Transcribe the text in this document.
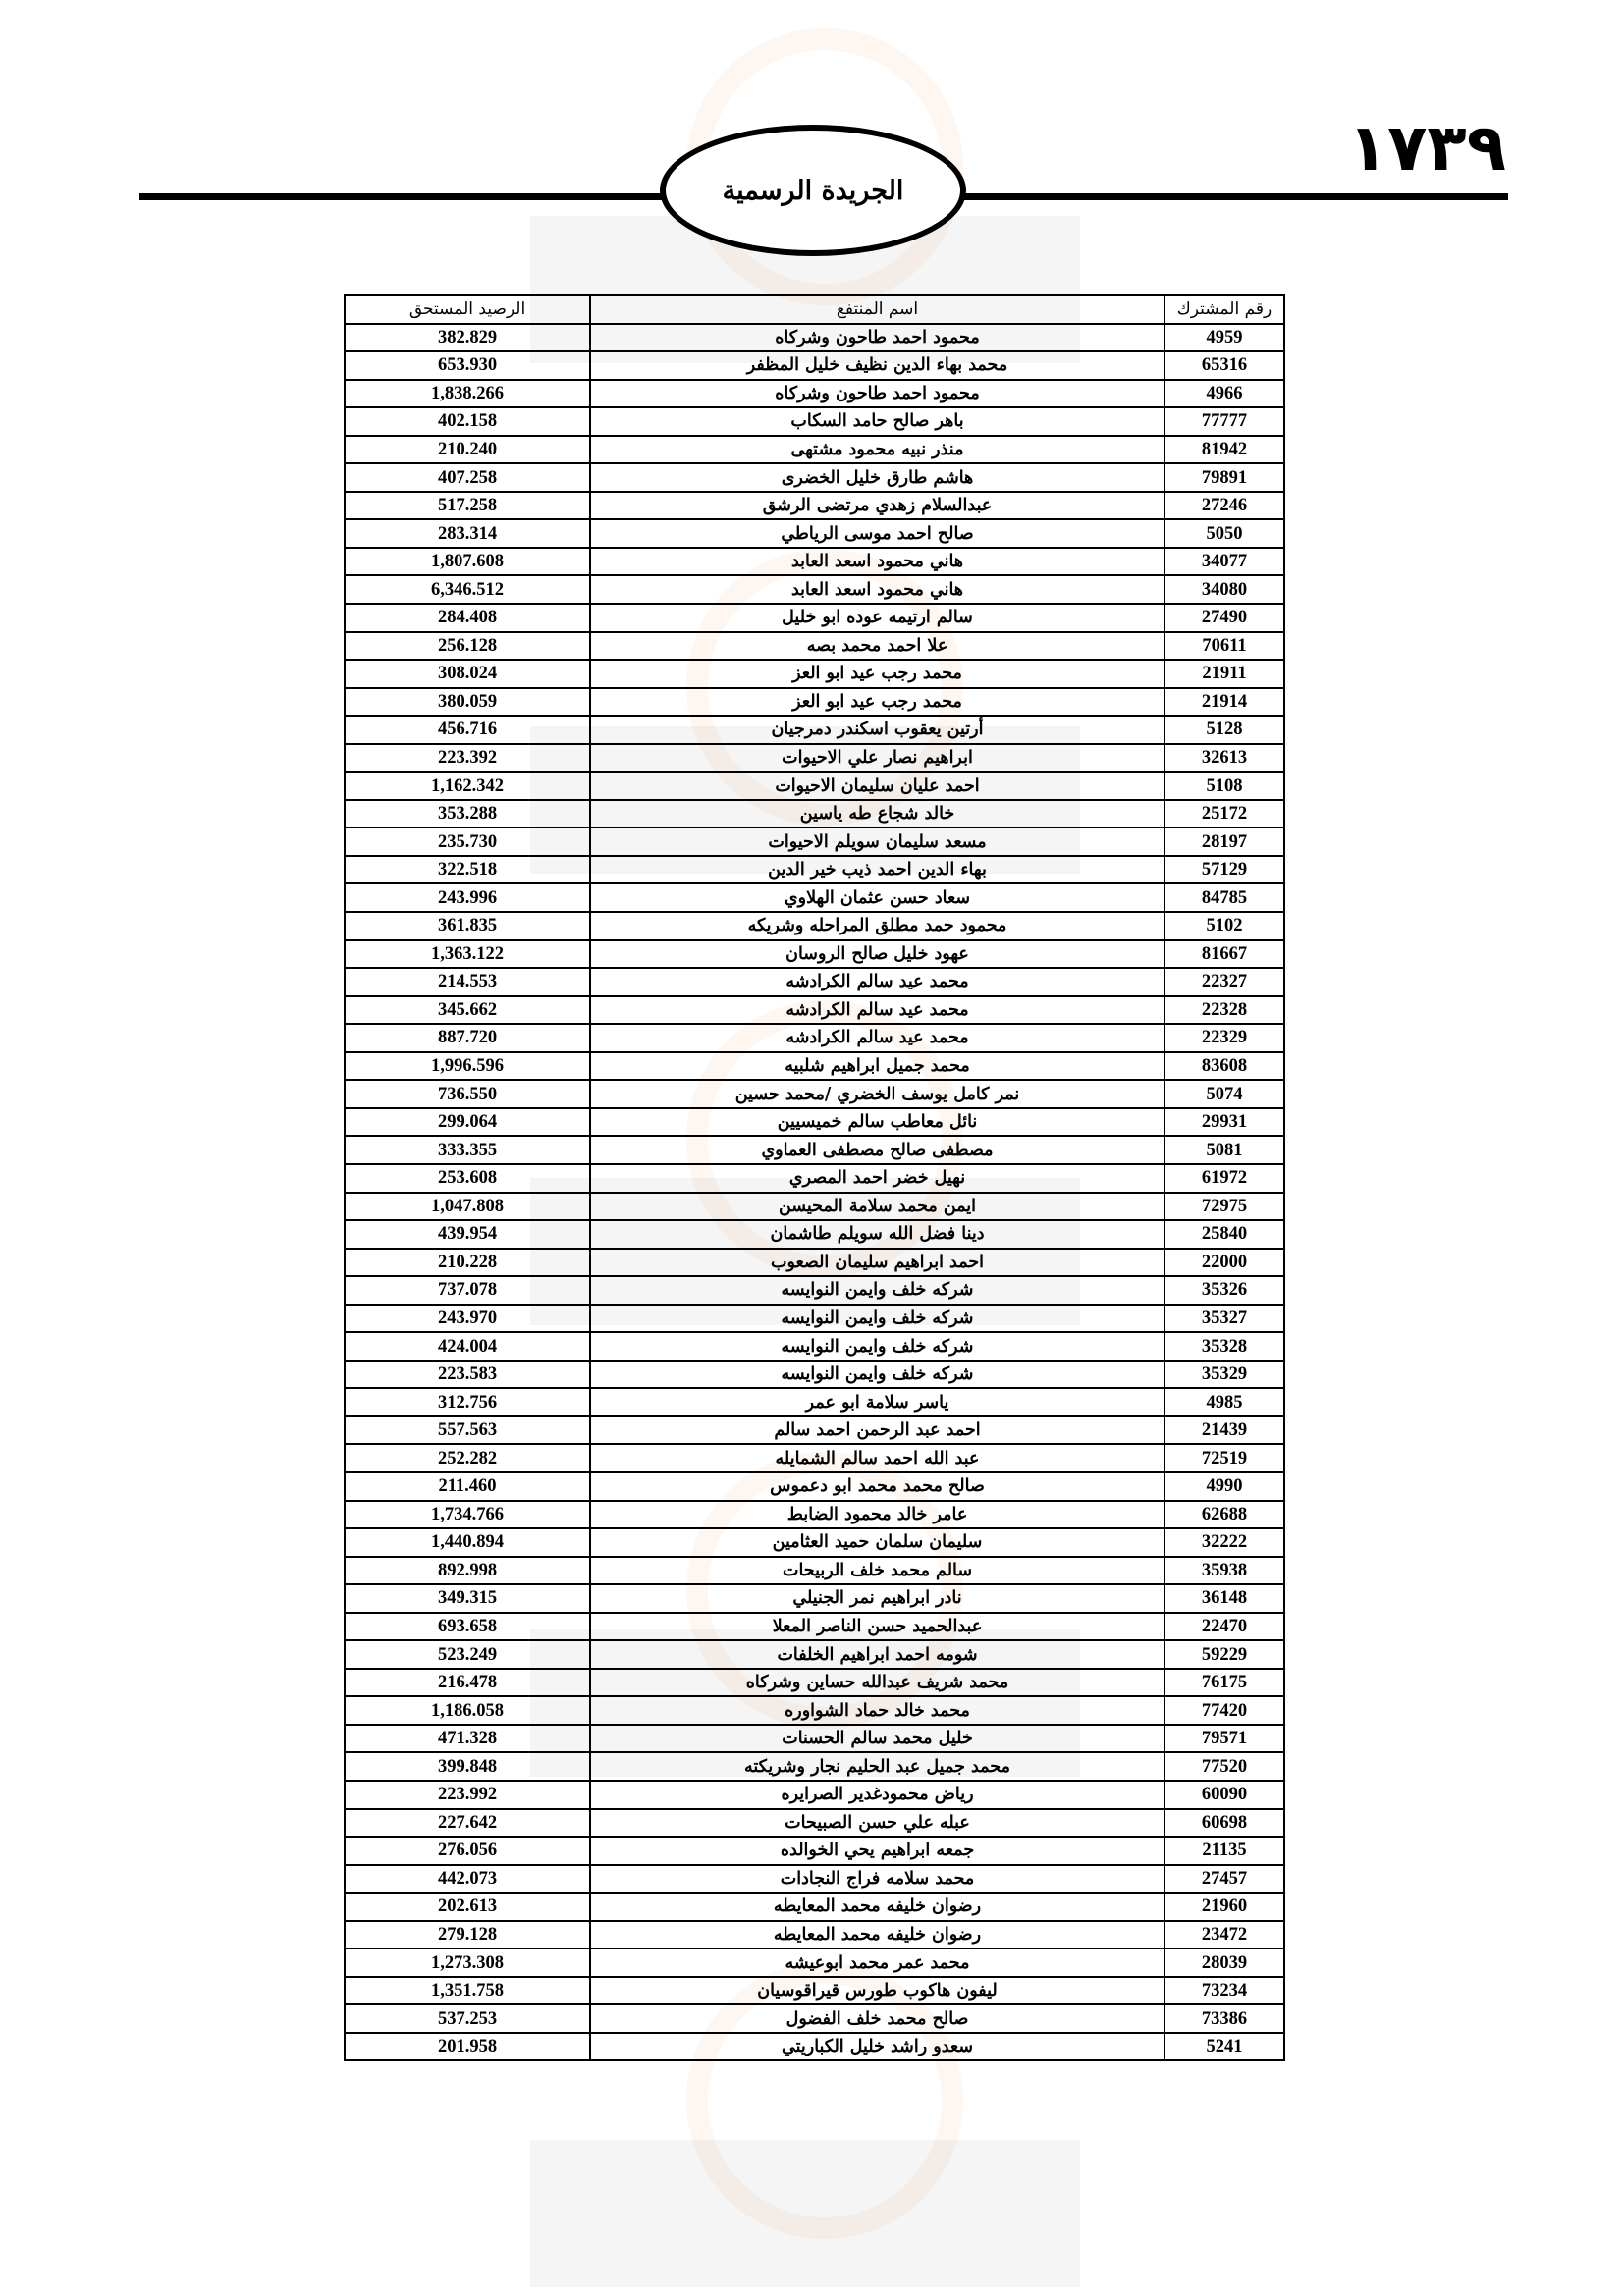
الجريدة الرسمية
١٧٣٩
رقم المشترك	اسم المنتفع	الرصيد المستحق
4959	محمود احمد طاحون وشركاه	382.829
65316	محمد بهاء الدين نظيف خليل المظفر	653.930
4966	محمود احمد طاحون وشركاه	1,838.266
77777	باهر صالح حامد السكاب	402.158
81942	منذر نبيه محمود مشتهى	210.240
79891	هاشم طارق خليل الخضرى	407.258
27246	عبدالسلام زهدي مرتضى الرشق	517.258
5050	صالح احمد موسى الرياطي	283.314
34077	هاني محمود اسعد العابد	1,807.608
34080	هاني محمود اسعد العابد	6,346.512
27490	سالم ارتيمه عوده ابو خليل	284.408
70611	علا احمد محمد بصه	256.128
21911	محمد رجب عيد ابو العز	308.024
21914	محمد رجب عيد ابو العز	380.059
5128	أرتين يعقوب اسكندر دمرجيان	456.716
32613	ابراهيم نصار علي الاحيوات	223.392
5108	احمد عليان سليمان الاحيوات	1,162.342
25172	خالد شجاع طه ياسين	353.288
28197	مسعد سليمان سويلم الاحيوات	235.730
57129	بهاء الدين احمد ذيب خير الدين	322.518
84785	سعاد حسن عثمان الهلاوي	243.996
5102	محمود حمد مطلق المراحله وشريكه	361.835
81667	عهود خليل صالح الروسان	1,363.122
22327	محمد عيد سالم الكرادشه	214.553
22328	محمد عيد سالم الكرادشه	345.662
22329	محمد عيد سالم الكرادشه	887.720
83608	محمد جميل ابراهيم شلبيه	1,996.596
5074	نمر كامل يوسف الخضري /محمد حسين	736.550
29931	نائل معاطب سالم خميسيين	299.064
5081	مصطفى صالح مصطفى العماوي	333.355
61972	نهيل خضر احمد المصري	253.608
72975	ايمن محمد سلامة المحيسن	1,047.808
25840	دينا فضل الله سويلم طاشمان	439.954
22000	احمد ابراهيم سليمان الصعوب	210.228
35326	شركه خلف وايمن النوايسه	737.078
35327	شركه خلف وايمن النوايسه	243.970
35328	شركه خلف وايمن النوايسه	424.004
35329	شركه خلف وايمن النوايسه	223.583
4985	ياسر سلامة ابو عمر	312.756
21439	احمد عبد الرحمن احمد سالم	557.563
72519	عبد الله احمد سالم الشمايله	252.282
4990	صالح محمد محمد ابو دعموس	211.460
62688	عامر خالد محمود الضابط	1,734.766
32222	سليمان سلمان حميد العثامين	1,440.894
35938	سالم محمد خلف الربيحات	892.998
36148	نادر ابراهيم نمر الجنيلي	349.315
22470	عبدالحميد حسن الناصر المعلا	693.658
59229	شومه احمد ابراهيم الخلفات	523.249
76175	محمد شريف عبدالله حساين وشركاه	216.478
77420	محمد خالد حماد الشواوره	1,186.058
79571	خليل محمد سالم الحسنات	471.328
77520	محمد جميل عبد الحليم نجار وشريكته	399.848
60090	رياض محمودغدير الصرايره	223.992
60698	عبله علي حسن الصبيحات	227.642
21135	جمعه ابراهيم يحي الخوالده	276.056
27457	محمد سلامه فراج النجادات	442.073
21960	رضوان خليفه محمد المعايطه	202.613
23472	رضوان خليفه محمد المعايطه	279.128
28039	محمد عمر محمد ابوعيشه	1,273.308
73234	ليفون هاكوب طورس قيراقوسيان	1,351.758
73386	صالح محمد خلف الفضول	537.253
5241	سعدو راشد خليل الكباريتي	201.958
